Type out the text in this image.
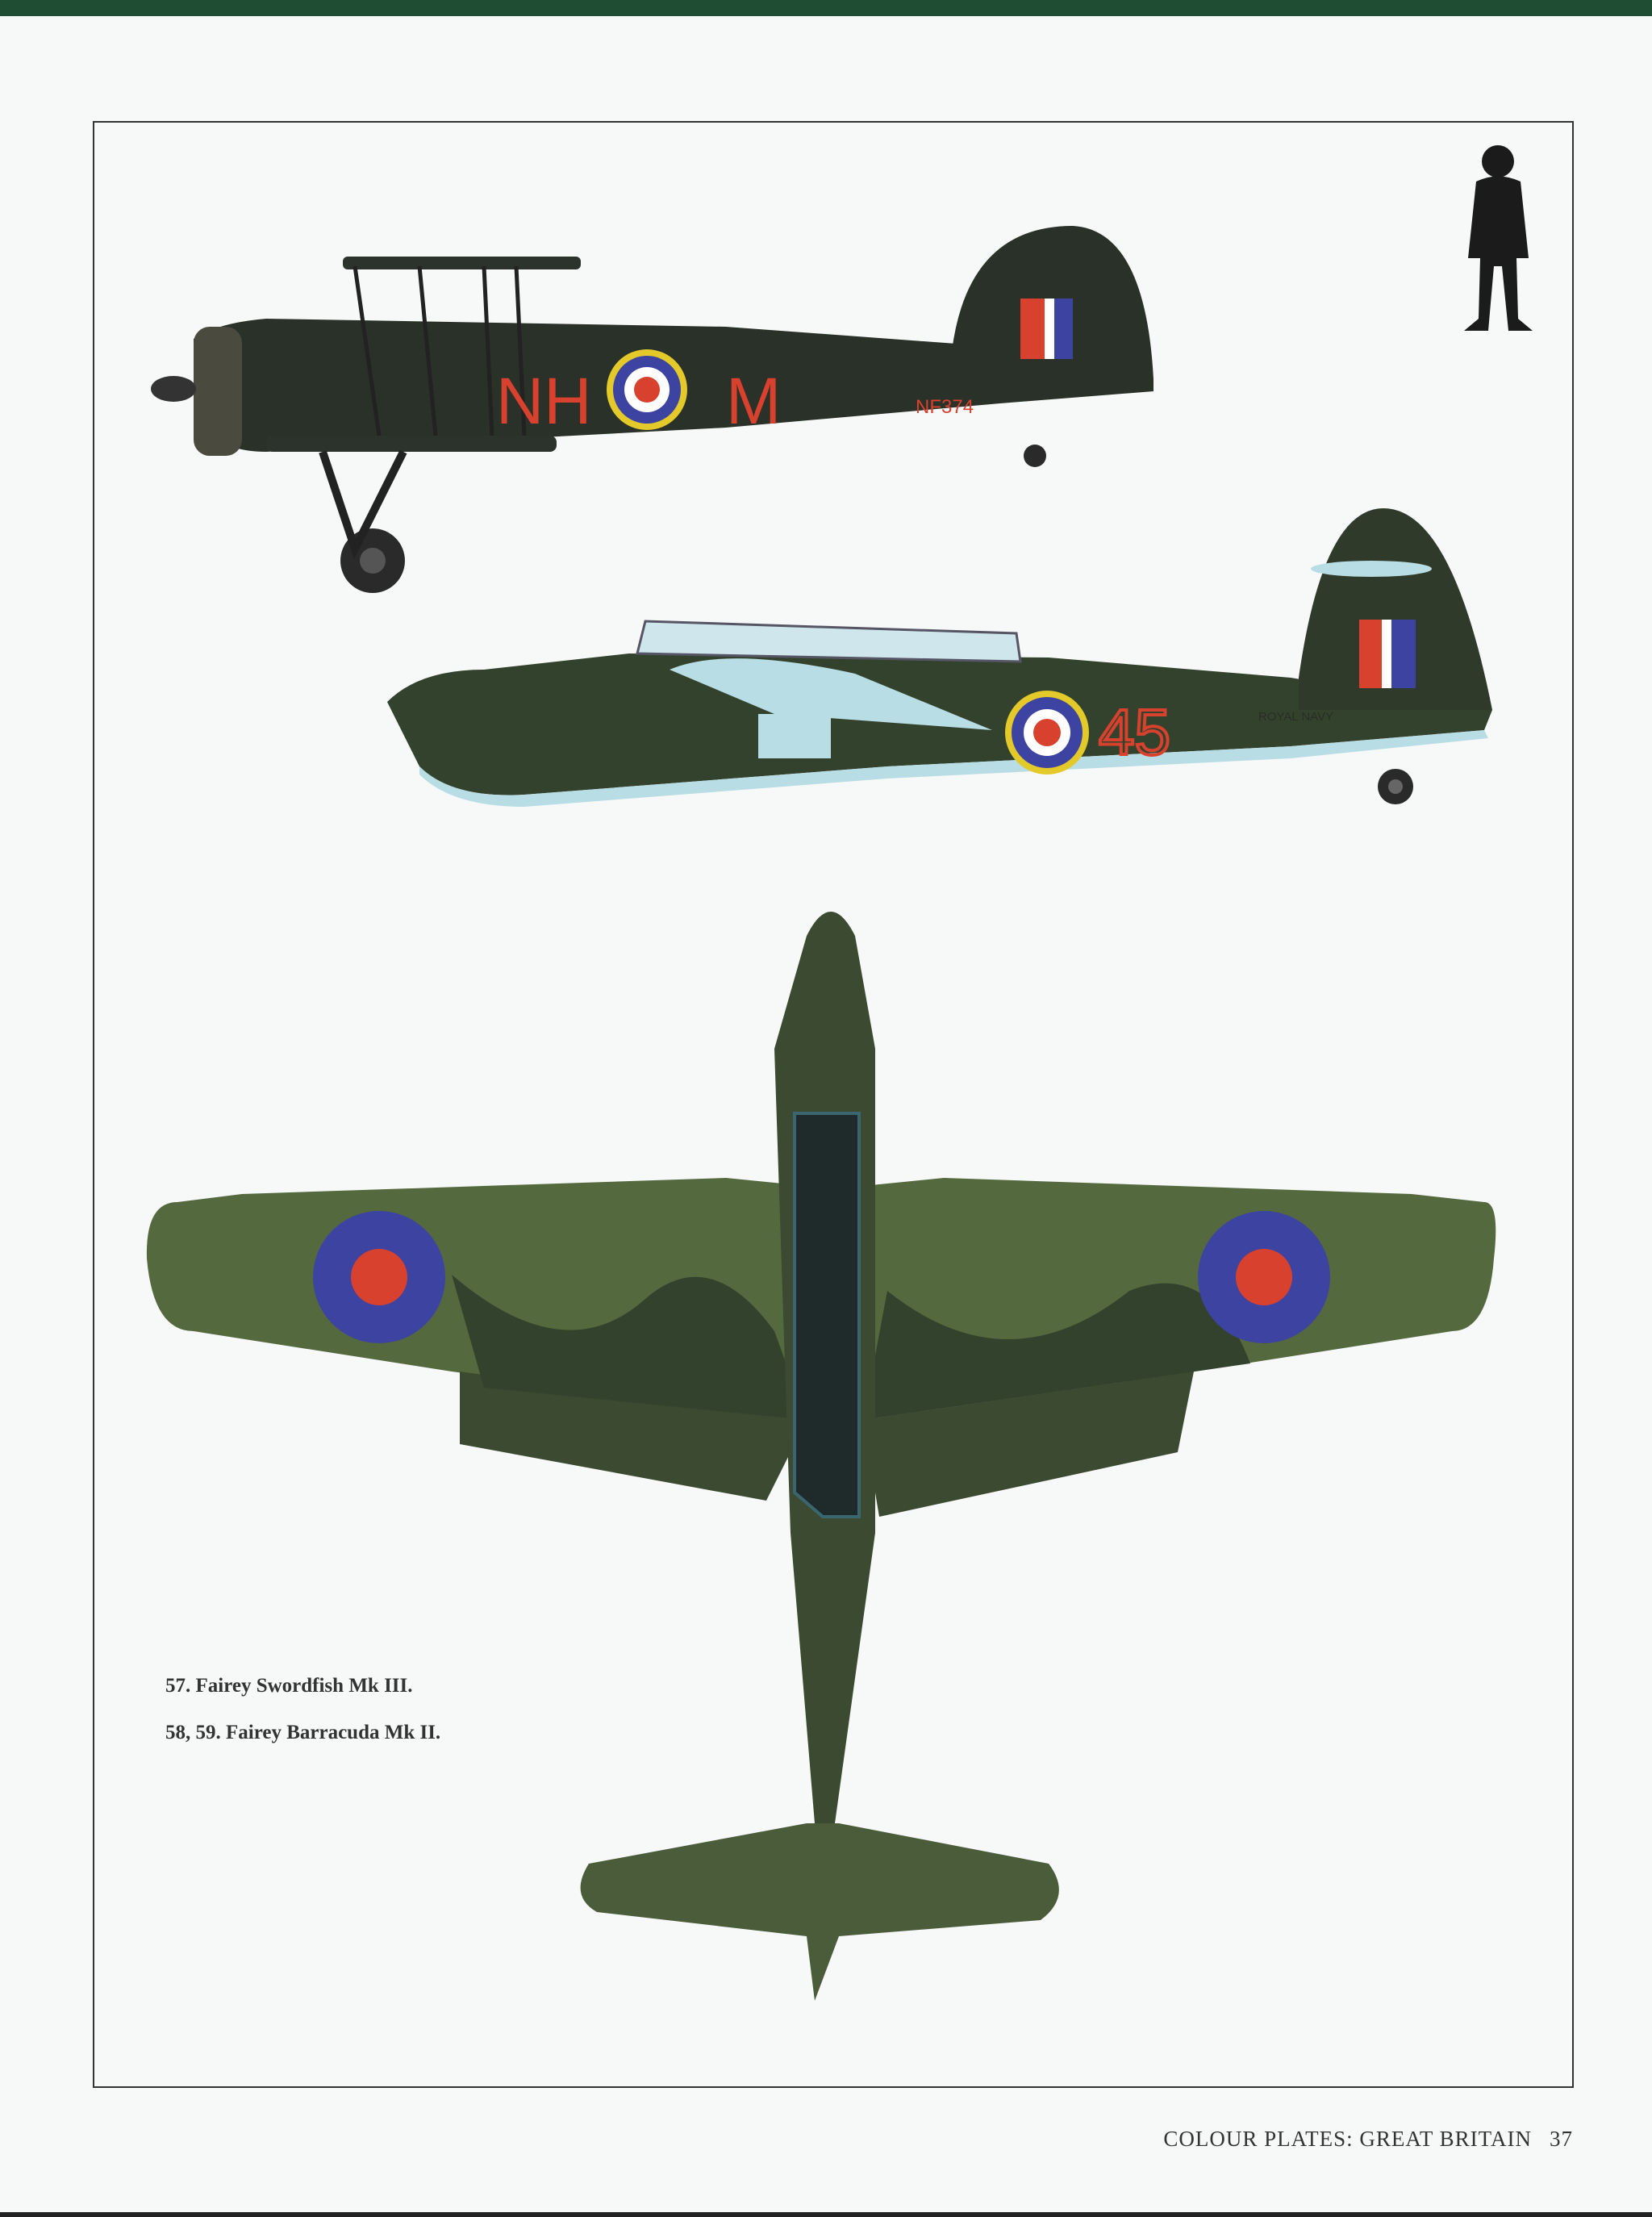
NH M	NF374
45	ROYAL NAVY
57. Fairey Swordfish Mk III.
58, 59. Fairey Barracuda Mk II.
COLOUR PLATES: GREAT BRITAIN 37
